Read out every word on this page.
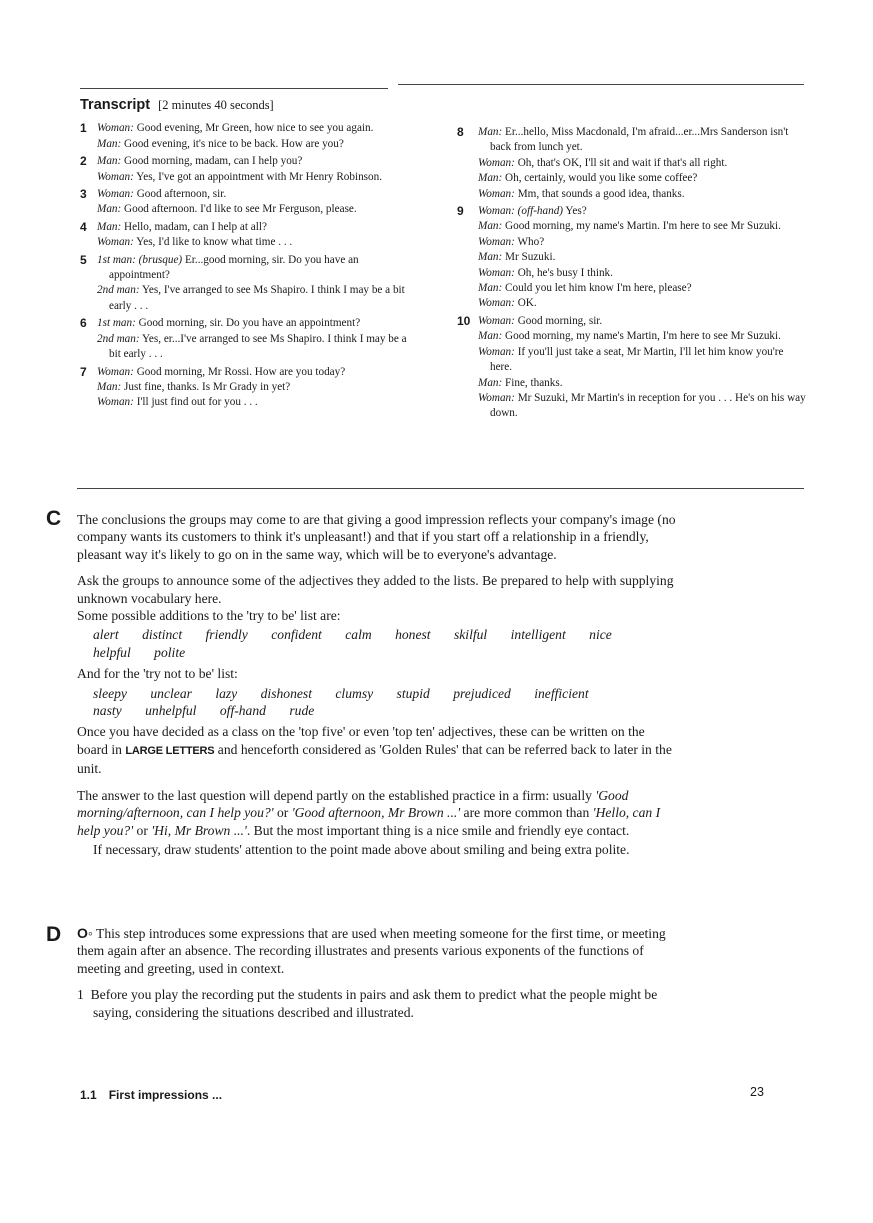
Transcript [2 minutes 40 seconds]
1 Woman: Good evening, Mr Green, how nice to see you again.
Man: Good evening, it's nice to be back. How are you?
2 Man: Good morning, madam, can I help you?
Woman: Yes, I've got an appointment with Mr Henry Robinson.
3 Woman: Good afternoon, sir.
Man: Good afternoon. I'd like to see Mr Ferguson, please.
4 Man: Hello, madam, can I help at all?
Woman: Yes, I'd like to know what time . . .
5 1st man: (brusque) Er...good morning, sir. Do you have an appointment?
2nd man: Yes, I've arranged to see Ms Shapiro. I think I may be a bit early . . .
6 1st man: Good morning, sir. Do you have an appointment?
2nd man: Yes, er...I've arranged to see Ms Shapiro. I think I may be a bit early . . .
7 Woman: Good morning, Mr Rossi. How are you today?
Man: Just fine, thanks. Is Mr Grady in yet?
Woman: I'll just find out for you . . .
8 Man: Er...hello, Miss Macdonald, I'm afraid...er...Mrs Sanderson isn't back from lunch yet.
Woman: Oh, that's OK, I'll sit and wait if that's all right.
Man: Oh, certainly, would you like some coffee?
Woman: Mm, that sounds a good idea, thanks.
9 Woman: (off-hand) Yes?
Man: Good morning, my name's Martin. I'm here to see Mr Suzuki.
Woman: Who?
Man: Mr Suzuki.
Woman: Oh, he's busy I think.
Man: Could you let him know I'm here, please?
Woman: OK.
10 Woman: Good morning, sir.
Man: Good morning, my name's Martin, I'm here to see Mr Suzuki.
Woman: If you'll just take a seat, Mr Martin, I'll let him know you're here.
Man: Fine, thanks.
Woman: Mr Suzuki, Mr Martin's in reception for you . . . He's on his way down.
C The conclusions the groups may come to are that giving a good impression reflects your company's image (no company wants its customers to think it's unpleasant!) and that if you start off a relationship in a friendly, pleasant way it's likely to go on in the same way, which will be to everyone's advantage.

Ask the groups to announce some of the adjectives they added to the lists. Be prepared to help with supplying unknown vocabulary here.
Some possible additions to the 'try to be' list are:

alert distinct friendly confident calm honest skilful intelligent nice helpful polite

And for the 'try not to be' list:

sleepy unclear lazy dishonest clumsy stupid prejudiced inefficient nasty unhelpful off-hand rude

Once you have decided as a class on the 'top five' or even 'top ten' adjectives, these can be written on the board in LARGE LETTERS and henceforth considered as 'Golden Rules' that can be referred back to later in the unit.

The answer to the last question will depend partly on the established practice in a firm: usually 'Good morning/afternoon, can I help you?' or 'Good afternoon, Mr Brown ...' are more common than 'Hello, can I help you?' or 'Hi, Mr Brown ...'. But the most important thing is a nice smile and friendly eye contact.

If necessary, draw students' attention to the point made above about smiling and being extra polite.

D O◦ This step introduces some expressions that are used when meeting someone for the first time, or meeting them again after an absence. The recording illustrates and presents various exponents of the functions of meeting and greeting, used in context.

1 Before you play the recording put the students in pairs and ask them to predict what the people might be saying, considering the situations described and illustrated.

1.1 First impressions ...	23
